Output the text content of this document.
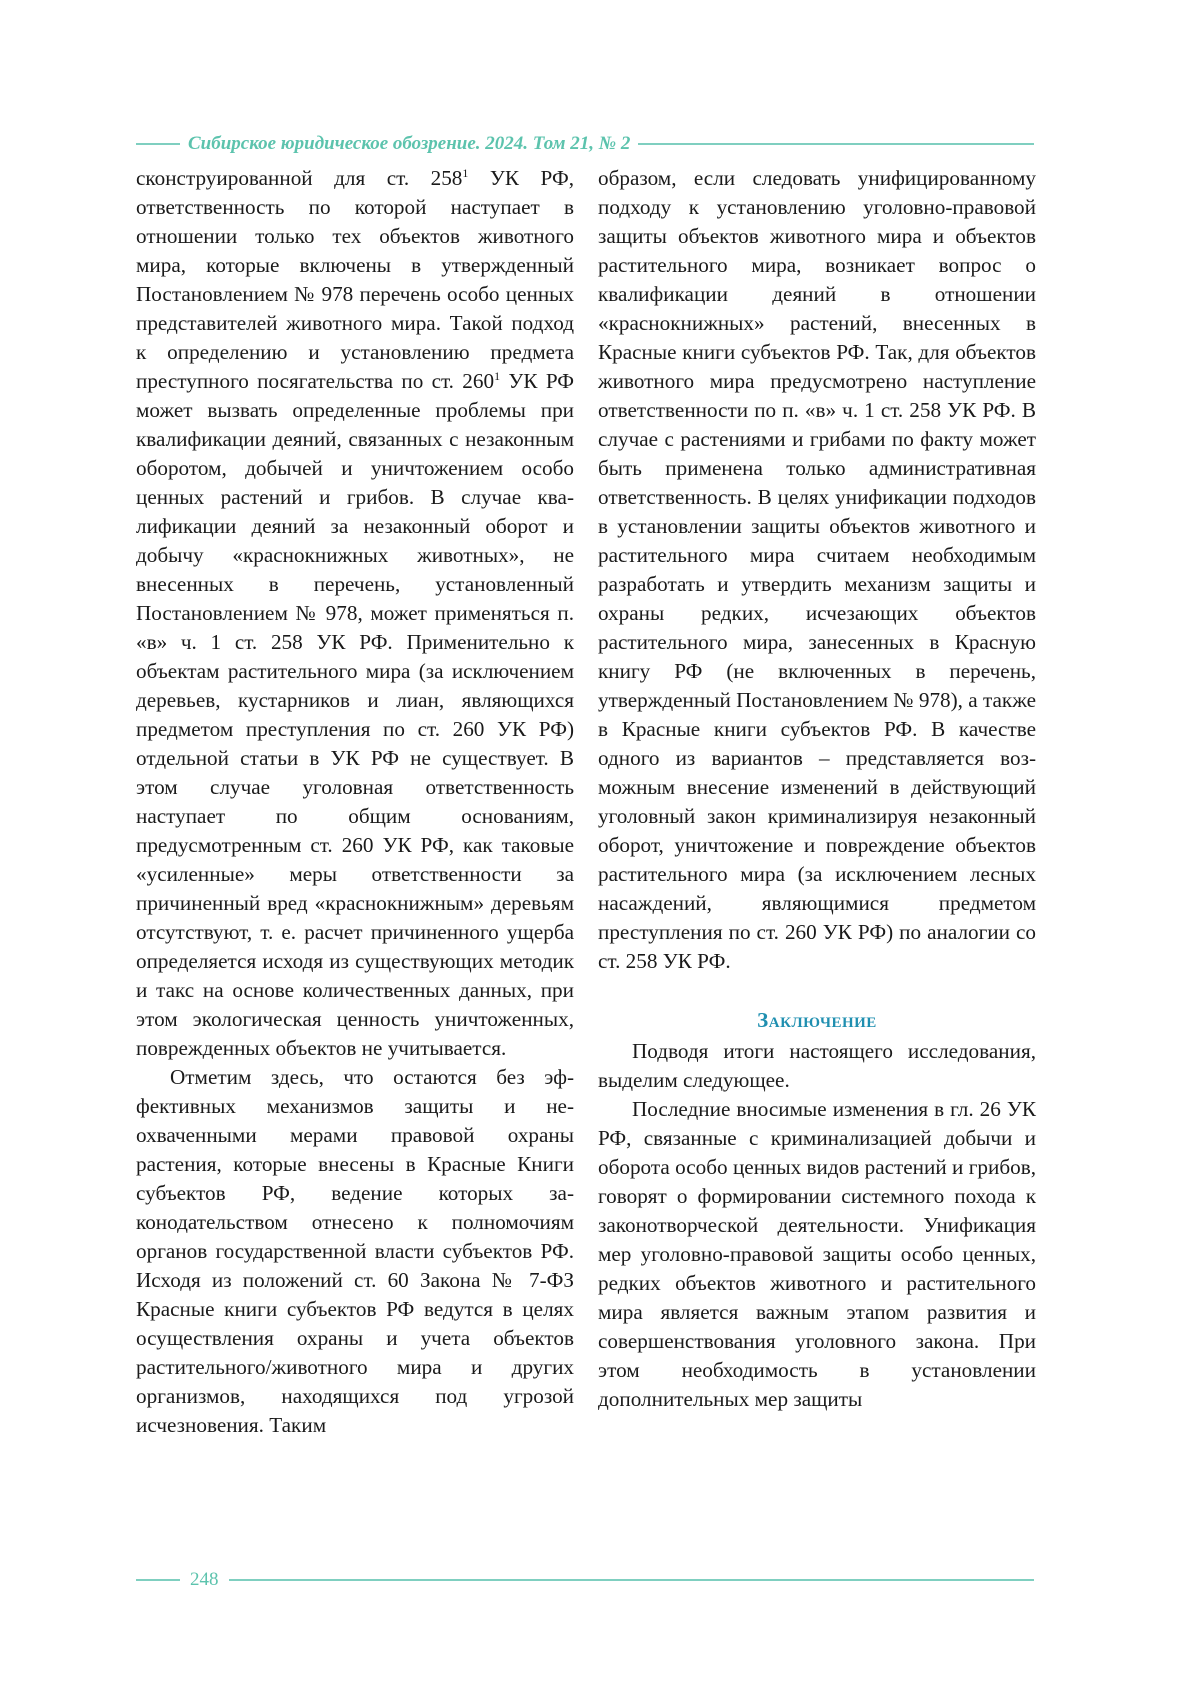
Сибирское юридическое обозрение. 2024. Том 21, № 2

сконструированной для ст. $258^1$ УК РФ, ответственность по которой наступает в отношении только тех объектов животного мира, которые включены в утвержденный Постановлением № 978 перечень особо ценных представителей животного мира. Такой подход к определению и установлению предмета преступного посягательства по ст. $260^1$ УК РФ может вызвать определенные проблемы при квалификации деяний, связанных с незаконным оборотом, добычей и уничтожением особо ценных растений и грибов. В случае квалификации деяний за незаконный оборот и добычу «краснокнижных животных», не внесенных в перечень, установленный Постановлением № 978, может применяться п. «в» ч. 1 ст. 258 УК РФ. Применительно к объектам растительного мира (за исключением деревьев, кустарников и лиан, являющихся предметом преступления по ст. 260 УК РФ) отдельной статьи в УК РФ не существует. В этом случае уголовная ответственность наступает по общим основаниям, предусмотренным ст. 260 УК РФ, как таковые «усиленные» меры ответственности за причиненный вред «краснокнижным» деревьям отсутствуют, т. е. расчет причиненного ущерба определяется исходя из существующих методик и такс на основе количественных данных, при этом экологическая ценность уничтоженных, поврежденных объектов не учитывается.

Отметим здесь, что остаются без эффективных механизмов защиты и неохваченными мерами правовой охраны растения, которые внесены в Красные Книги субъектов РФ, ведение которых законодательством отнесено к полномочиям органов государственной власти субъектов РФ. Исходя из положений ст. 60 Закона № 7-ФЗ Красные книги субъектов РФ ведутся в целях осуществления охраны и учета объектов растительного/животного мира и других организмов, находящихся под угрозой исчезновения. Таким

образом, если следовать унифицированному подходу к установлению уголовно-правовой защиты объектов животного мира и объектов растительного мира, возникает вопрос о квалификации деяний в отношении «краснокнижных» растений, внесенных в Красные книги субъектов РФ. Так, для объектов животного мира предусмотрено наступление ответственности по п. «в» ч. 1 ст. 258 УК РФ. В случае с растениями и грибами по факту может быть применена только административная ответственность. В целях унификации подходов в установлении защиты объектов животного и растительного мира считаем необходимым разработать и утвердить механизм защиты и охраны редких, исчезающих объектов растительного мира, занесенных в Красную книгу РФ (не включенных в перечень, утвержденный Постановлением № 978), а также в Красные книги субъектов РФ. В качестве одного из вариантов – представляется возможным внесение изменений в действующий уголовный закон криминализируя незаконный оборот, уничтожение и повреждение объектов растительного мира (за исключением лесных насаждений, являющимися предметом преступления по ст. 260 УК РФ) по аналогии со ст. 258 УК РФ.

Заключение

Подводя итоги настоящего исследования, выделим следующее.

Последние вносимые изменения в гл. 26 УК РФ, связанные с криминализацией добычи и оборота особо ценных видов растений и грибов, говорят о формировании системного похода к законотворческой деятельности. Унификация мер уголовно-правовой защиты особо ценных, редких объектов животного и растительного мира является важным этапом развития и совершенствования уголовного закона. При этом необходимость в установлении дополнительных мер защиты

248
